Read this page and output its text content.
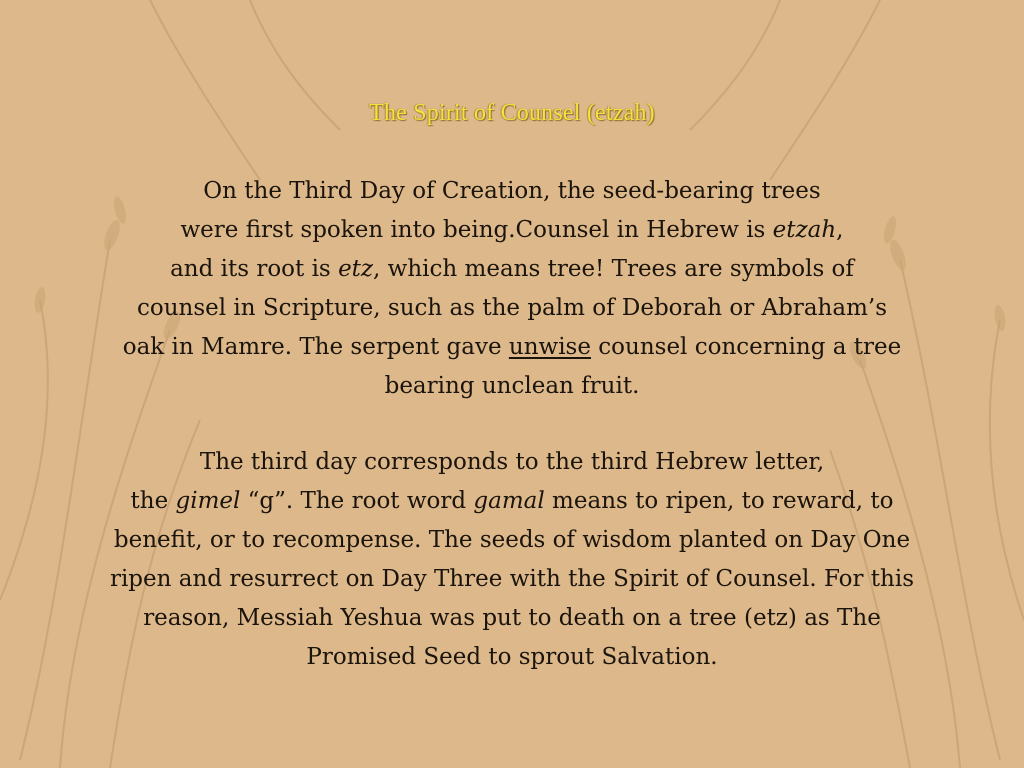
The Spirit of Counsel (etzah)
On the Third Day of Creation, the seed-bearing trees
were first spoken into being.Counsel in Hebrew is etzah,
and its root is etz, which means tree! Trees are symbols of
counsel in Scripture, such as the palm of Deborah or Abraham’s
oak in Mamre. The serpent gave unwise counsel concerning a tree
bearing unclean fruit.
The third day corresponds to the third Hebrew letter,
the gimel “g”. The root word gamal means to ripen, to reward, to
benefit, or to recompense. The seeds of wisdom planted on Day One
ripen and resurrect on Day Three with the Spirit of Counsel. For this
reason, Messiah Yeshua was put to death on a tree (etz) as The
Promised Seed to sprout Salvation.
